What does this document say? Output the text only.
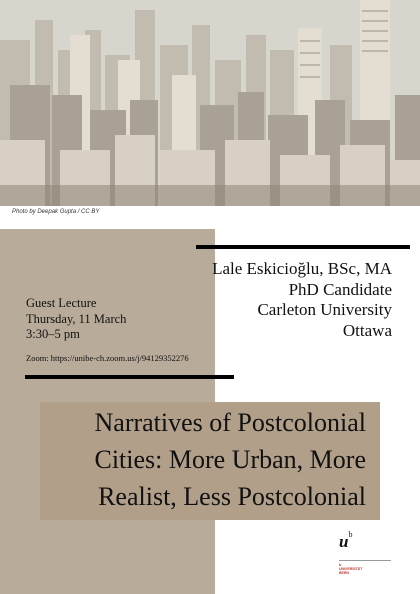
Photo by Deepak Gupta / CC BY
Lale Eskicioğlu, BSc, MA
PhD Candidate
Carleton University
Ottawa
Guest Lecture
Thursday, 11 March
3:30–5 pm
Zoom: https://unibe-ch.zoom.us/j/94129352276
Narratives of Postcolonial
Cities: More Urban, More
Realist, Less Postcolonial
$u^b$
b
UNIVERSITÄT
BERN
